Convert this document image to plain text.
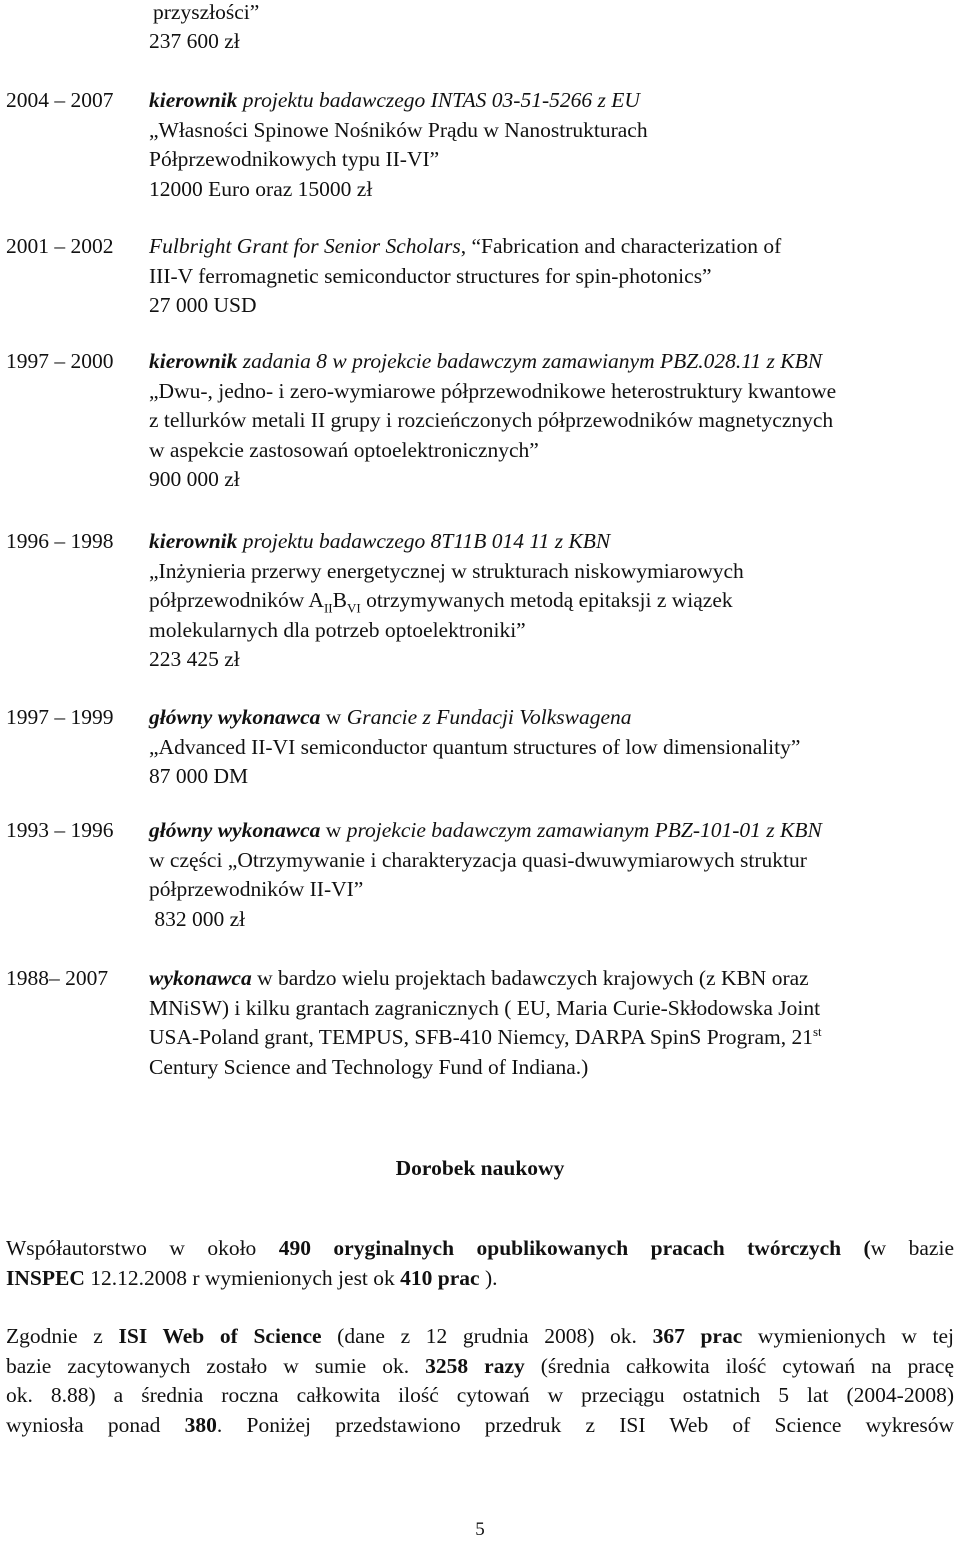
przyszłości”
237 600 zł
2004 – 2007 kierownik projektu badawczego INTAS 03-51-5266 z EU
„Własności Spinowe Nośników Prądu w Nanostrukturach
Półprzewodnikowych typu II-VI”
12000 Euro oraz 15000 zł
2001 – 2002 Fulbright Grant for Senior Scholars, “Fabrication and characterization of
III-V ferromagnetic semiconductor structures for spin-photonics”
27 000 USD
1997 – 2000 kierownik zadania 8 w projekcie badawczym zamawianym PBZ.028.11 z KBN
„Dwu-, jedno- i zero-wymiarowe półprzewodnikowe heterostruktury kwantowe
z tellurków metali II grupy i rozcieńczonych półprzewodników magnetycznych
w aspekcie zastosowań optoelektronicznych”
900 000 zł
1996 – 1998 kierownik projektu badawczego 8T11B 014 11 z KBN
„Inżynieria przerwy energetycznej w strukturach niskowymiarowych
półprzewodników $A_{II}B_{VI}$ otrzymywanych metodą epitaksji z wiązek
molekularnych dla potrzeb optoelektroniki”
223 425 zł
1997 – 1999 główny wykonawca w Grancie z Fundacji Volkswagena
„Advanced II-VI semiconductor quantum structures of low dimensionality”
87 000 DM
1993 – 1996 główny wykonawca w projekcie badawczym zamawianym PBZ-101-01 z KBN
w części „Otrzymywanie i charakteryzacja quasi-dwuwymiarowych struktur
półprzewodników II-VI”
832 000 zł
1988– 2007 wykonawca w bardzo wielu projektach badawczych krajowych (z KBN oraz
MNiSW) i kilku grantach zagranicznych ( EU, Maria Curie-Skłodowska Joint
USA-Poland grant, TEMPUS, SFB-410 Niemcy, DARPA SpinS Program, 21st
Century Science and Technology Fund of Indiana.)
Dorobek naukowy
Współautorstwo w około 490 oryginalnych opublikowanych pracach twórczych (w bazie
INSPEC 12.12.2008 r wymienionych jest ok 410 prac ).
Zgodnie z ISI Web of Science (dane z 12 grudnia 2008) ok. 367 prac wymienionych w tej
bazie zacytowanych zostało w sumie ok. 3258 razy (średnia całkowita ilość cytowań na pracę
ok. 8.88) a średnia roczna całkowita ilość cytowań w przeciągu ostatnich 5 lat (2004-2008)
wyniosła ponad 380. Poniżej przedstawiono przedruk z ISI Web of Science wykresów
5
